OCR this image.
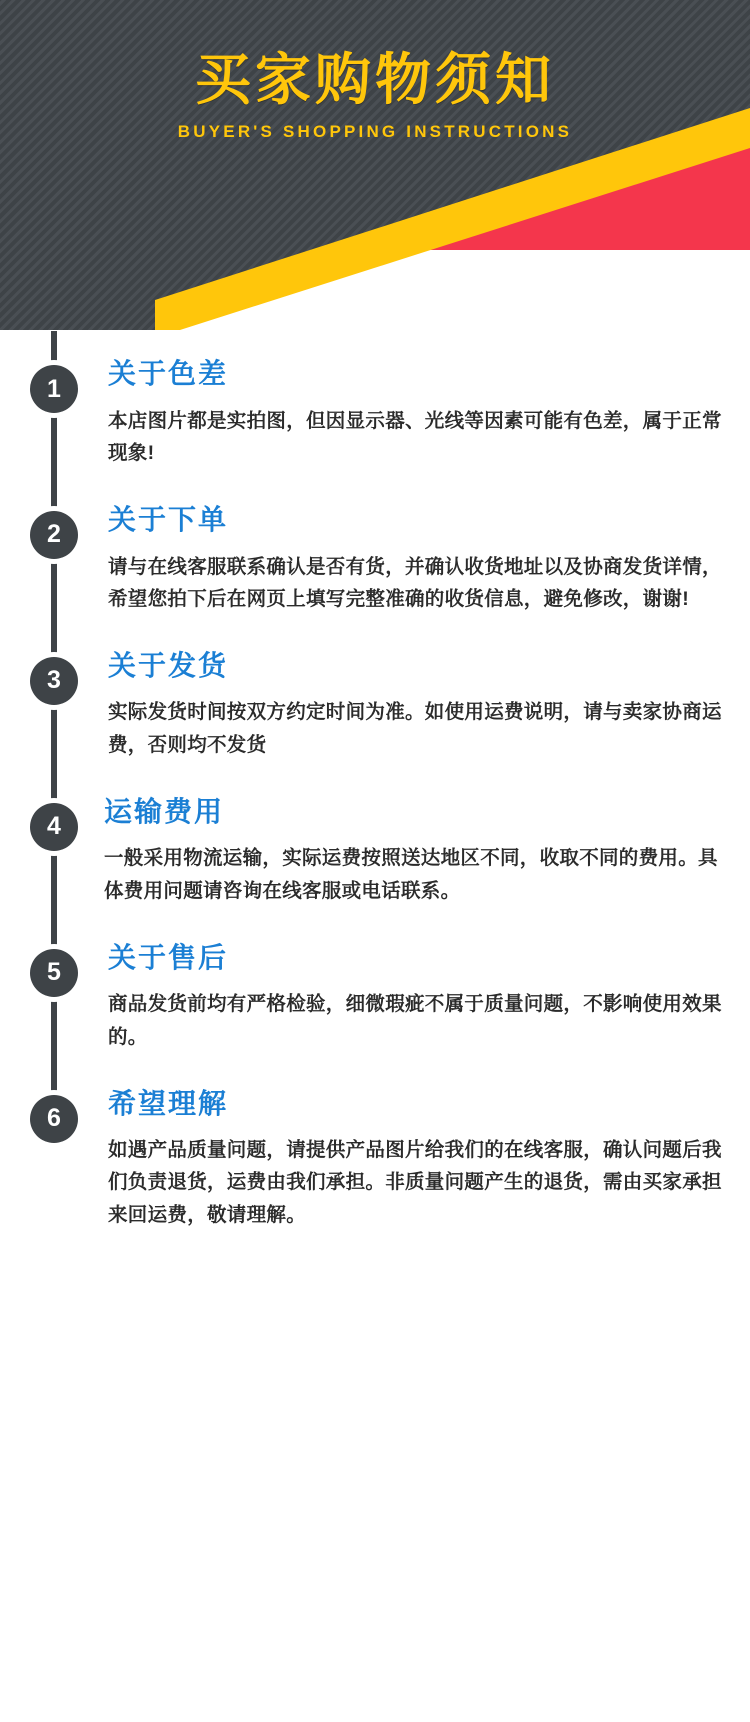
买家购物须知
BUYER'S SHOPPING INSTRUCTIONS
1	关于色差
本店图片都是实拍图，但因显示器、光线等因素可能有色差，属于正常现象!
2	关于下单
请与在线客服联系确认是否有货，并确认收货地址以及协商发货详情，希望您拍下后在网页上填写完整准确的收货信息，避免修改，谢谢!
3	关于发货
实际发货时间按双方约定时间为准。如使用运费说明，请与卖家协商运费，否则均不发货
4	运输费用
一般采用物流运输，实际运费按照送达地区不同，收取不同的费用。具体费用问题请咨询在线客服或电话联系。
5	关于售后
商品发货前均有严格检验，细微瑕疵不属于质量问题，不影响使用效果的。
6	希望理解
如遇产品质量问题，请提供产品图片给我们的在线客服，确认问题后我们负责退货，运费由我们承担。非质量问题产生的退货，需由买家承担来回运费，敬请理解。
